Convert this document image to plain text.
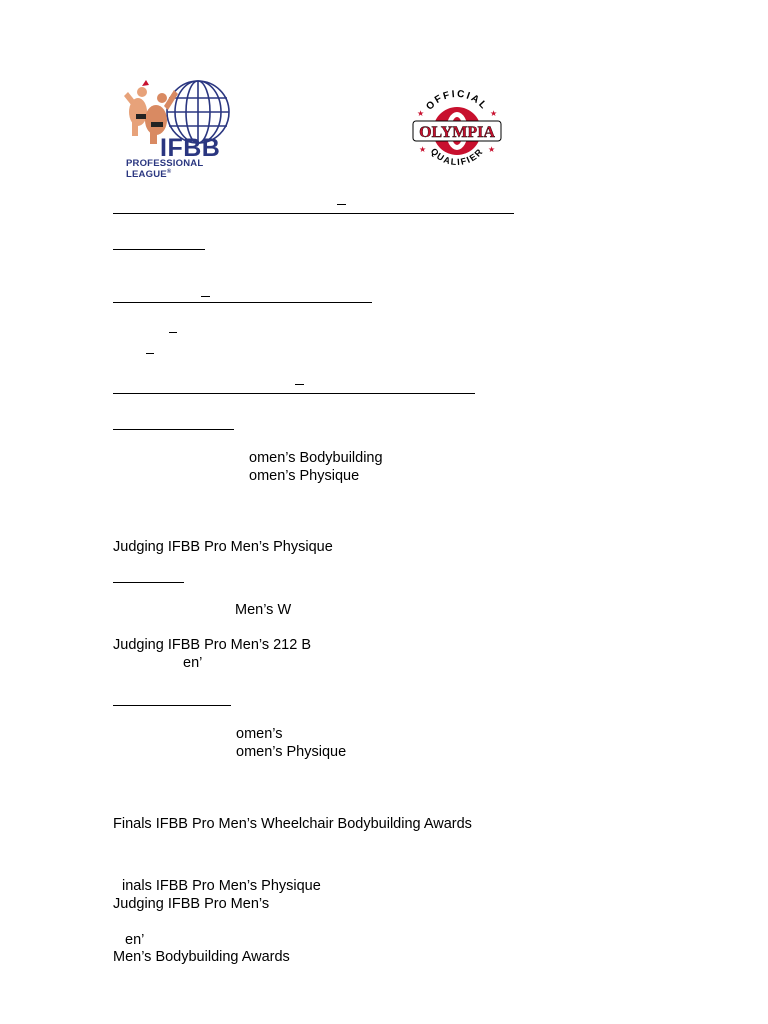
IFBB
PROFESSIONAL LEAGUE®
OLYMPIA
OFFICIAL
QUALIFIER
★	★
★	★
omen’s Bodybuilding
omen’s Physique
Judging IFBB Pro Men’s Physique
Men’s W
Judging IFBB Pro Men’s 212 B
en’
omen’s
omen’s Physique
Finals IFBB Pro Men’s Wheelchair Bodybuilding Awards
inals IFBB Pro Men’s Physique
Judging IFBB Pro Men’s
en’
Men’s Bodybuilding Awards
